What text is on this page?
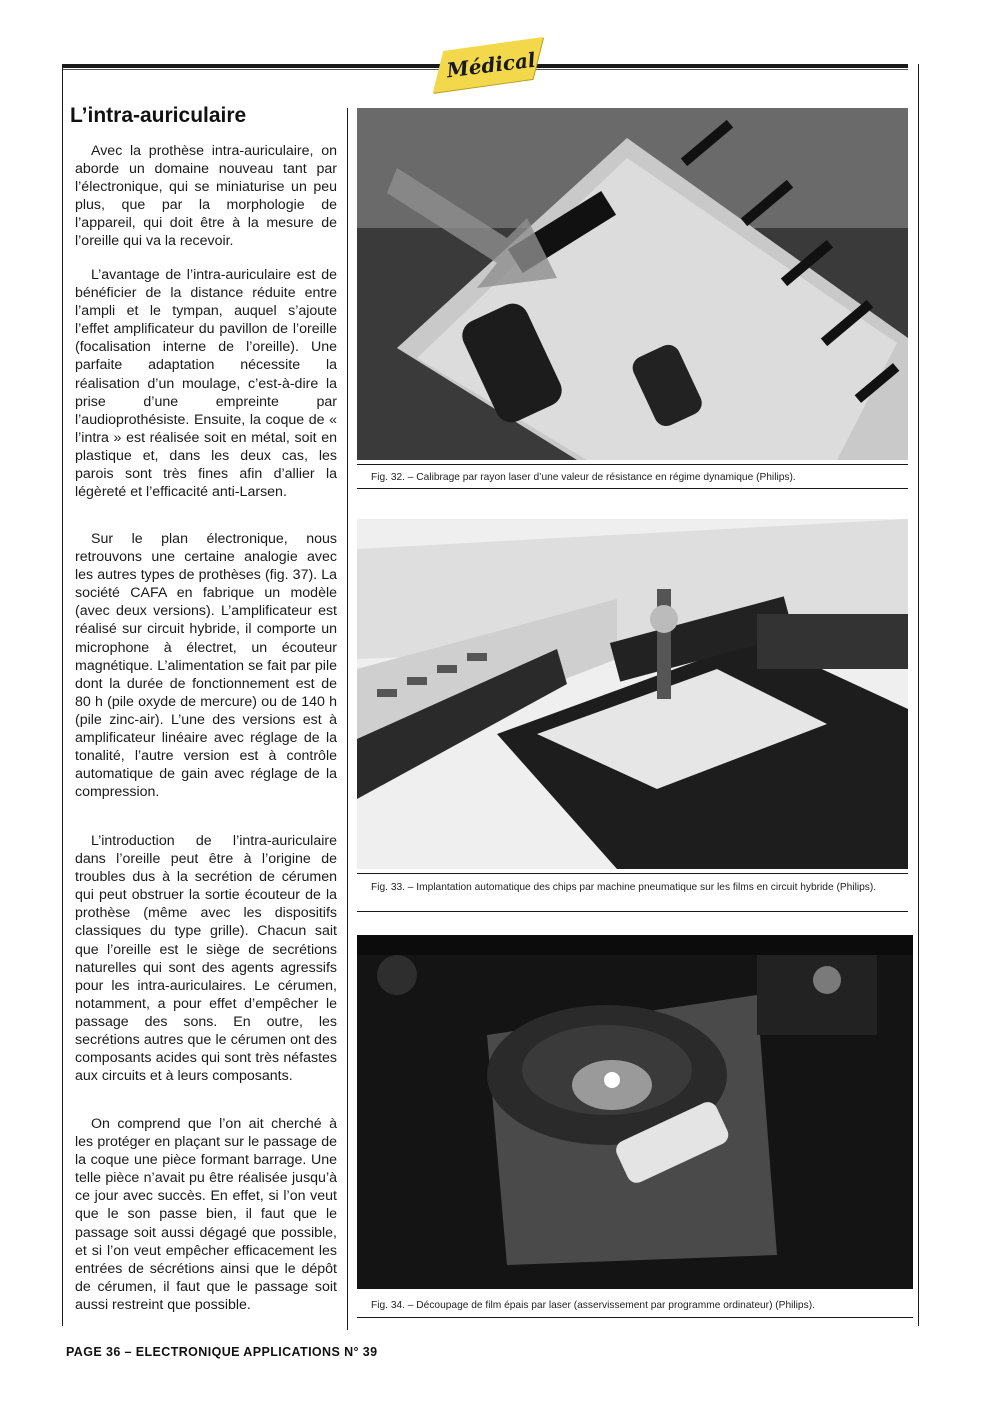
Médical
L’intra-auriculaire

Avec la prothèse intra-auriculaire, on aborde un domaine nouveau tant par l’électronique, qui se miniaturise un peu plus, que par la morphologie de l’appareil, qui doit être à la mesure de l’oreille qui va la recevoir.

L’avantage de l’intra-auriculaire est de bénéficier de la distance réduite entre l’ampli et le tympan, auquel s’ajoute l’effet amplificateur du pavillon de l’oreille (focalisation interne de l’oreille). Une parfaite adaptation nécessite la réalisation d’un moulage, c’est-à-dire la prise d’une empreinte par l’audioprothésiste. Ensuite, la coque de « l’intra » est réalisée soit en métal, soit en plastique et, dans les deux cas, les parois sont très fines afin d’allier la légèreté et l’efficacité anti-Larsen.

Sur le plan électronique, nous retrouvons une certaine analogie avec les autres types de prothèses (fig. 37). La société CAFA en fabrique un modèle (avec deux versions). L’amplificateur est réalisé sur circuit hybride, il comporte un microphone à électret, un écouteur magnétique. L’alimentation se fait par pile dont la durée de fonctionnement est de 80 h (pile oxyde de mercure) ou de 140 h (pile zinc-air). L’une des versions est à amplificateur linéaire avec réglage de la tonalité, l’autre version est à contrôle automatique de gain avec réglage de la compression.

L’introduction de l’intra-auriculaire dans l’oreille peut être à l’origine de troubles dus à la secrétion de cérumen qui peut obstruer la sortie écouteur de la prothèse (même avec les dispositifs classiques du type grille). Chacun sait que l’oreille est le siège de secrétions naturelles qui sont des agents agressifs pour les intra-auriculaires. Le cérumen, notamment, a pour effet d’empêcher le passage des sons. En outre, les secrétions autres que le cérumen ont des composants acides qui sont très néfastes aux circuits et à leurs composants.

On comprend que l’on ait cherché à les protéger en plaçant sur le passage de la coque une pièce formant barrage. Une telle pièce n’avait pu être réalisée jusqu’à ce jour avec succès. En effet, si l’on veut que le son passe bien, il faut que le passage soit aussi dégagé que possible, et si l’on veut empêcher efficacement les entrées de sécrétions ainsi que le dépôt de cérumen, il faut que le passage soit aussi restreint que possible.

Fig. 32. – Calibrage par rayon laser d’une valeur de résistance en régime dynamique (Philips).
Fig. 33. – Implantation automatique des chips par machine pneumatique sur les films en circuit hybride (Philips).
Fig. 34. – Découpage de film épais par laser (asservissement par programme ordinateur) (Philips).
PAGE 36 – ELECTRONIQUE APPLICATIONS N° 39
